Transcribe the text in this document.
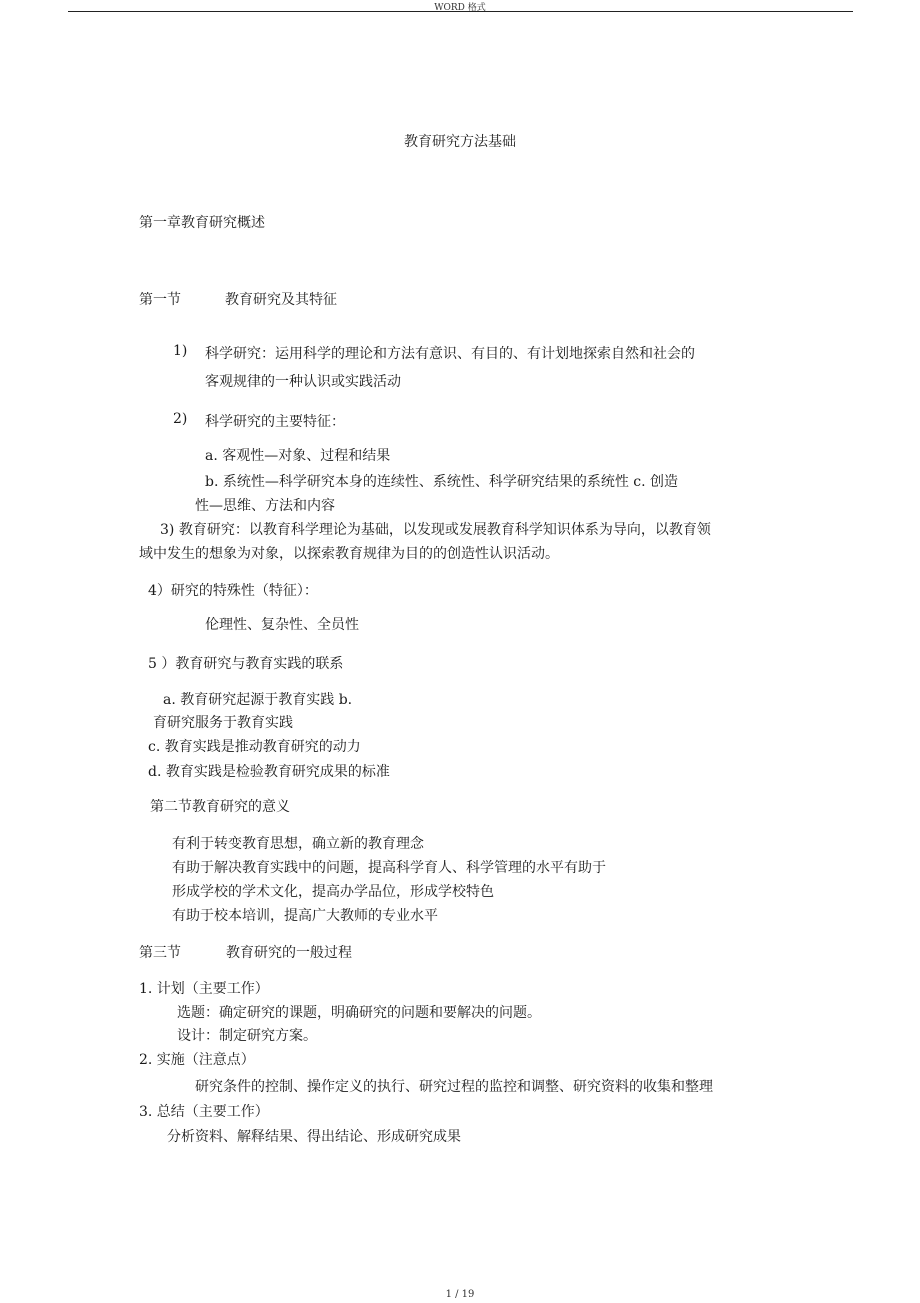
WORD 格式
教育研究方法基础
第一章教育研究概述
第一节	教育研究及其特征
1) 科学研究：运用科学的理论和方法有意识、有目的、有计划地探索自然和社会的
客观规律的一种认识或实践活动
2) 科学研究的主要特征：
a. 客观性—对象、过程和结果
b. 系统性—科学研究本身的连续性、系统性、科学研究结果的系统性 c. 创造
性—思维、方法和内容
3) 教育研究：以教育科学理论为基础，以发现或发展教育科学知识体系为导向，以教育领
域中发生的想象为对象，以探索教育规律为目的的创造性认识活动。
4）研究的特殊性（特征）：
伦理性、复杂性、全员性
5 ）教育研究与教育实践的联系
a. 教育研究起源于教育实践 b.
育研究服务于教育实践
c. 教育实践是推动教育研究的动力
d. 教育实践是检验教育研究成果的标准
第二节教育研究的意义
有利于转变教育思想，确立新的教育理念
有助于解决教育实践中的问题，提高科学育人、科学管理的水平有助于
形成学校的学术文化，提高办学品位，形成学校特色
有助于校本培训，提高广大教师的专业水平
第三节	教育研究的一般过程
1. 计划（主要工作）
选题：确定研究的课题，明确研究的问题和要解决的问题。
设计：制定研究方案。
2. 实施（注意点）
研究条件的控制、操作定义的执行、研究过程的监控和调整、研究资料的收集和整理
3. 总结（主要工作）
分析资料、解释结果、得出结论、形成研究成果
1 / 19
